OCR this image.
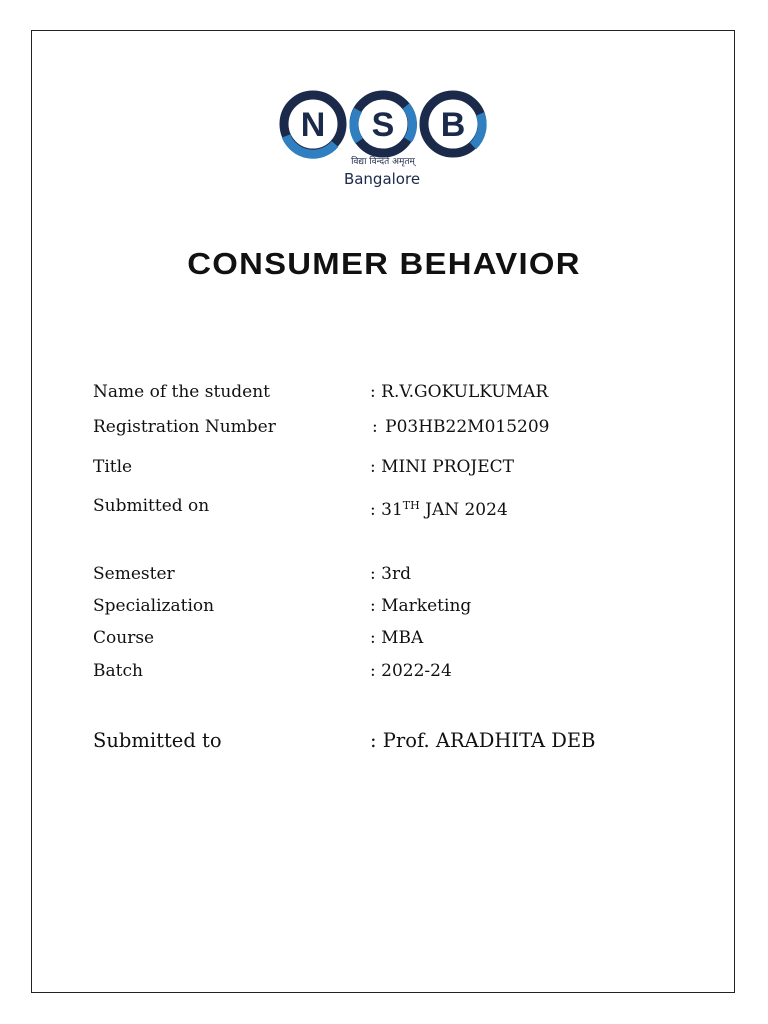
N S B
विद्या विन्दते अमृतम्
Bangalore
CONSUMER BEHAVIOR
Name of the student	: R.V.GOKULKUMAR
Registration Number	: P03HB22M015209
Title	: MINI PROJECT
Submitted on	: 31TH JAN 2024
Semester	: 3rd
Specialization	: Marketing
Course	: MBA
Batch	: 2022-24
Submitted to	: Prof. ARADHITA DEB
